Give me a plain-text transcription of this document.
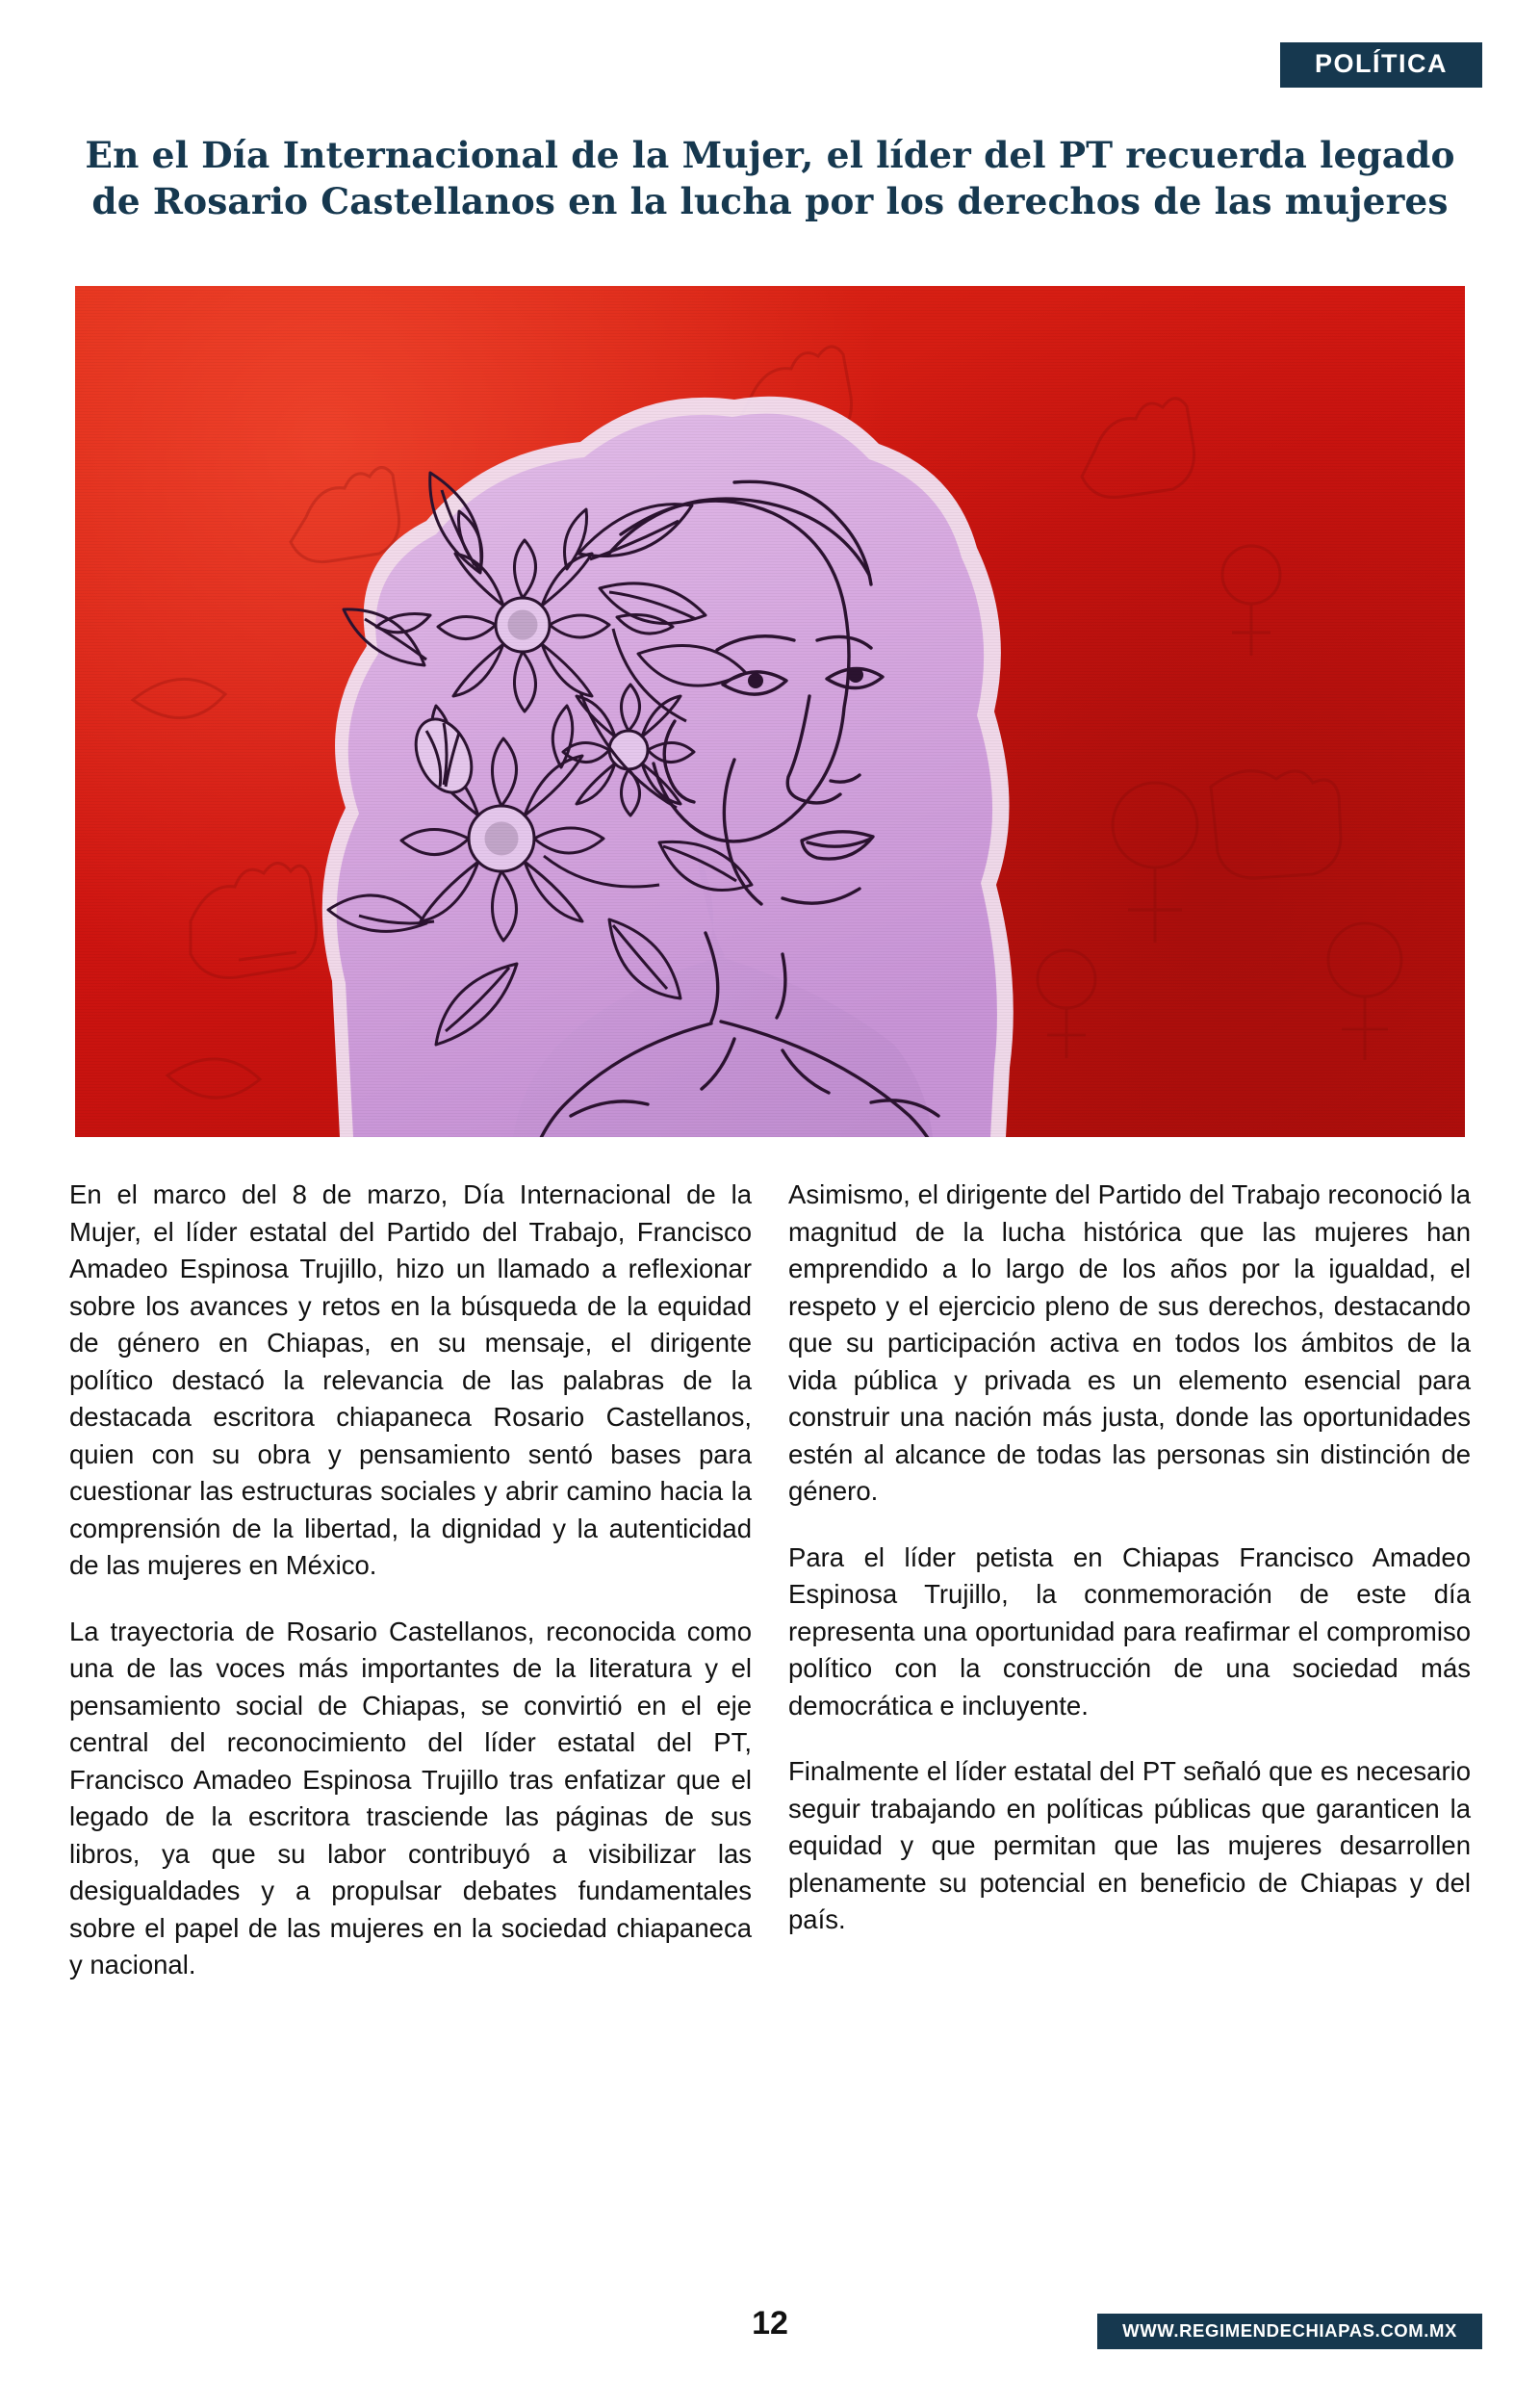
POLÍTICA
En el Día Internacional de la Mujer, el líder del PT recuerda legado de Rosario Castellanos en la lucha por los derechos de las mujeres

En el marco del 8 de marzo, Día Internacional de la Mujer, el líder estatal del Partido del Trabajo, Francisco Amadeo Espinosa Trujillo, hizo un llamado a reflexionar sobre los avances y retos en la búsqueda de la equidad de género en Chiapas, en su mensaje, el dirigente político destacó la relevancia de las palabras de la destacada escritora chiapaneca Rosario Castellanos, quien con su obra y pensamiento sentó bases para cuestionar las estructuras sociales y abrir camino hacia la comprensión de la libertad, la dignidad y la autenticidad de las mujeres en México.

La trayectoria de Rosario Castellanos, reconocida como una de las voces más importantes de la literatura y el pensamiento social de Chiapas, se convirtió en el eje central del reconocimiento del líder estatal del PT, Francisco Amadeo Espinosa Trujillo tras enfatizar que el legado de la escritora trasciende las páginas de sus libros, ya que su labor contribuyó a visibilizar las desigualdades y a propulsar debates fundamentales sobre el papel de las mujeres en la sociedad chiapaneca y nacional.

Asimismo, el dirigente del Partido del Trabajo reconoció la magnitud de la lucha histórica que las mujeres han emprendido a lo largo de los años por la igualdad, el respeto y el ejercicio pleno de sus derechos, destacando que su participación activa en todos los ámbitos de la vida pública y privada es un elemento esencial para construir una nación más justa, donde las oportunidades estén al alcance de todas las personas sin distinción de género.

Para el líder petista en Chiapas Francisco Amadeo Espinosa Trujillo, la conmemoración de este día representa una oportunidad para reafirmar el compromiso político con la construcción de una sociedad más democrática e incluyente.

Finalmente el líder estatal del PT señaló que es necesario seguir trabajando en políticas públicas que garanticen la equidad y que permitan que las mujeres desarrollen plenamente su potencial en beneficio de Chiapas y del país.

12	WWW.REGIMENDECHIAPAS.COM.MX
